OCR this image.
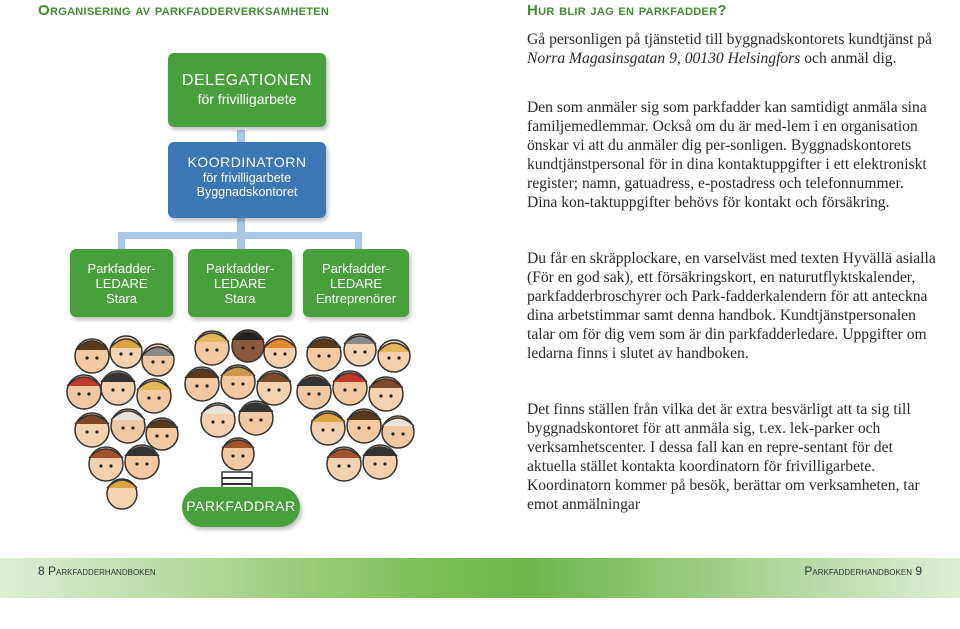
Organisering av parkfadderverksamheten
DELEGATIONEN
för frivilligarbete
KOORDINATORN
för frivilligarbete
Byggnadskontoret
Parkfadder-
LEDARE
Stara
Parkfadder-
LEDARE
Stara
Parkfadder-
LEDARE
Entreprenörer
PARKFADDRAR
Hur blir jag en parkfadder?

Gå personligen på tjänstetid till byggnadskontorets kundtjänst på Norra Magasinsgatan 9, 00130 Helsingfors och anmäl dig.

Den som anmäler sig som parkfadder kan samtidigt anmäla sina familjemedlemmar. Också om du är med-lem i en organisation önskar vi att du anmäler dig per-sonligen. Byggnadskontorets kundtjänstpersonal för in dina kontaktuppgifter i ett elektroniskt register; namn, gatuadress, e-postadress och telefonnummer. Dina kon-taktuppgifter behövs för kontakt och försäkring.

Du får en skräpplockare, en varselväst med texten Hyvällä asialla (För en god sak), ett försäkringskort, en naturutflyktskalender, parkfadderbroschyrer och Park-fadderkalendern för att anteckna dina arbetstimmar samt denna handbok. Kundtjänstpersonalen talar om för dig vem som är din parkfadderledare. Uppgifter om ledarna finns i slutet av handboken.

Det finns ställen från vilka det är extra besvärligt att ta sig till byggnadskontoret för att anmäla sig, t.ex. lek-parker och verksamhetscenter. I dessa fall kan en repre-sentant för det aktuella stället kontakta koordinatorn för frivilligarbete. Koordinatorn kommer på besök, berättar om verksamheten, tar emot anmälningar

8 Parkfadderhandboken	Parkfadderhandboken 9
